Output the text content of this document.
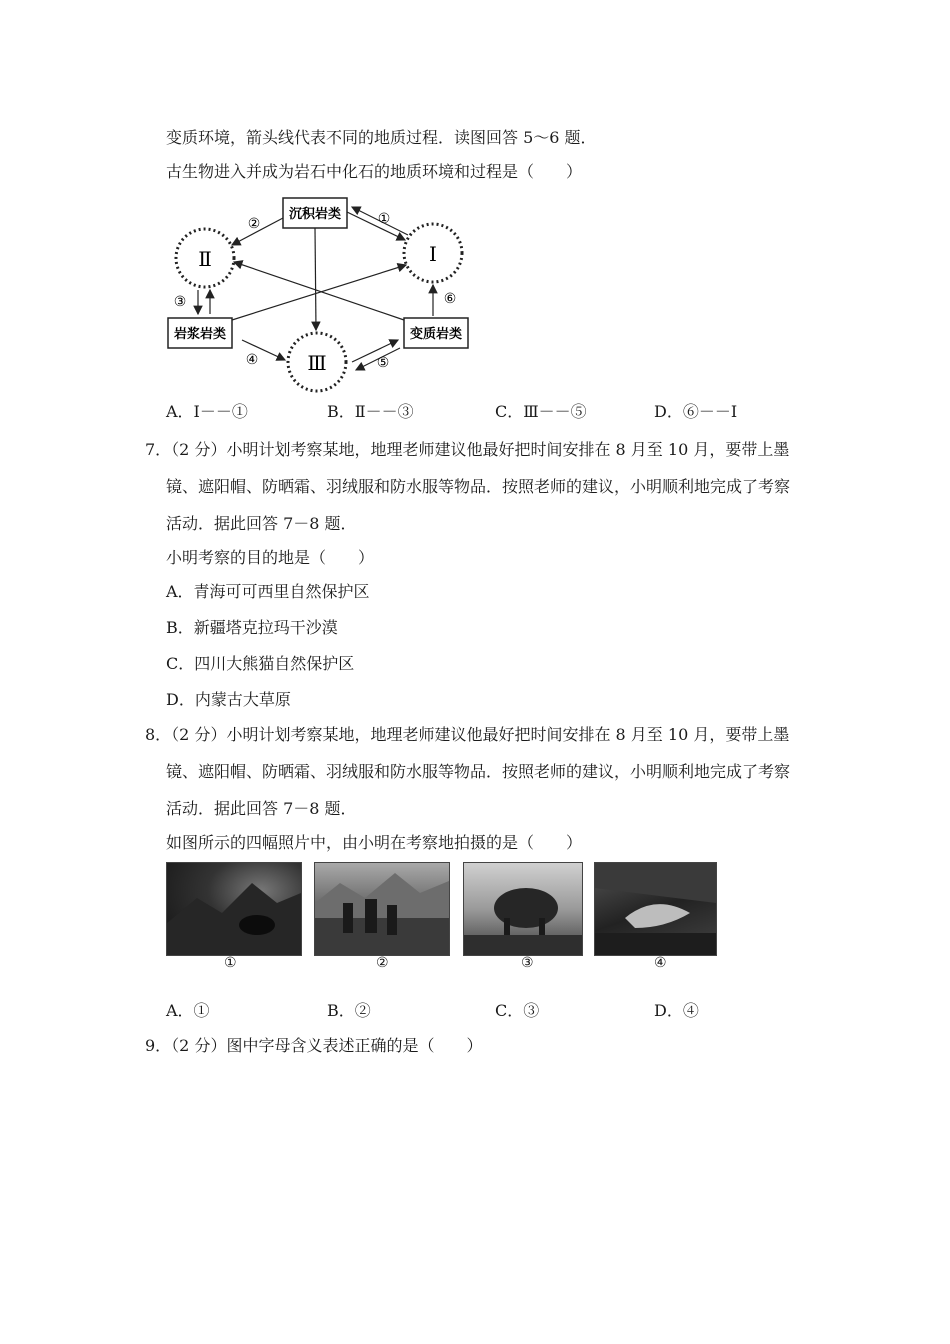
变质环境，箭头线代表不同的地质过程．读图回答 5～6 题．
古生物进入并成为岩石中化石的地质环境和过程是（　　）
沉积岩类
岩浆岩类	变质岩类
Ⅱ	Ⅰ
Ⅲ
②	①
③	⑥
④	⑤
A．Ⅰ－－①	B．Ⅱ－－③	C．Ⅲ－－⑤	D．⑥－－Ⅰ
7．（2 分）小明计划考察某地，地理老师建议他最好把时间安排在 8 月至 10 月，要带上墨
镜、遮阳帽、防晒霜、羽绒服和防水服等物品．按照老师的建议，小明顺利地完成了考察
活动．据此回答 7－8 题．
小明考察的目的地是（　　）
A．青海可可西里自然保护区
B．新疆塔克拉玛干沙漠
C．四川大熊猫自然保护区
D．内蒙古大草原
8．（2 分）小明计划考察某地，地理老师建议他最好把时间安排在 8 月至 10 月，要带上墨
镜、遮阳帽、防晒霜、羽绒服和防水服等物品．按照老师的建议，小明顺利地完成了考察
活动．据此回答 7－8 题．
如图所示的四幅照片中，由小明在考察地拍摄的是（　　）
①	②	③	④
A．①	B．②	C．③	D．④
9．（2 分）图中字母含义表述正确的是（　　）
